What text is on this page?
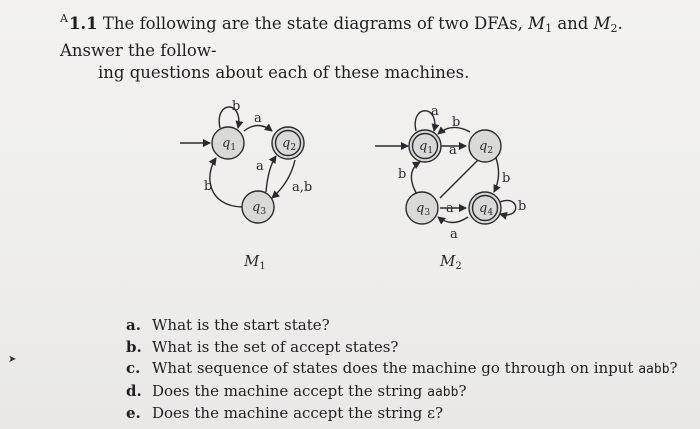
$^A$1.1 The following are the state diagrams of two DFAs, $M_1$ and $M_2$. Answer the follow-
ing questions about each of these machines.
$q_1$	$q_2$
$q_3$
b
a
a,b
a
b
$M_1$
$q_1$	$q_2$
$q_3$	$q_4$
a
a
b
b
b
a
a
b
$M_2$
➤
a. What is the start state?
b. What is the set of accept states?
c. What sequence of states does the machine go through on input aabb?
d. Does the machine accept the string aabb?
e. Does the machine accept the string ε?
